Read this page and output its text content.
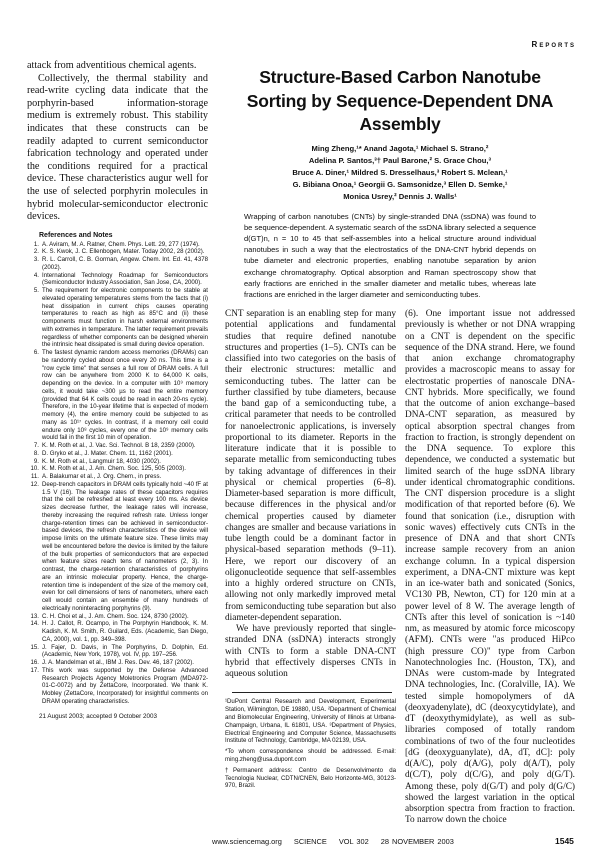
Reports

attack from adventitious chemical agents.

Collectively, the thermal stability and read-write cycling data indicate that the porphyrin-based information-storage medium is extremely robust. This stability indicates that these constructs can be readily adapted to current semiconductor fabrication technology and operated under the conditions required for a practical device. These characteristics augur well for the use of selected porphyrin molecules in hybrid molecular-semiconductor electronic devices.

References and Notes
1. A. Aviram, M. A. Ratner, Chem. Phys. Lett. 29, 277 (1974).
2. K. S. Kwok, J. C. Ellenbogen, Mater. Today 2002, 28 (2002).
3. R. L. Carroll, C. B. Gorman, Angew. Chem. Int. Ed. 41, 4378 (2002).
4. International Technology Roadmap for Semiconductors (Semiconductor Industry Association, San Jose, CA, 2000).
5. The requirement for electronic components to be stable at elevated operating temperatures stems from the facts that (i) heat dissipation in current chips causes operating temperatures to reach as high as 85°C and (ii) these components must function in harsh external environments with extremes in temperature. The latter requirement prevails regardless of whether components can be designed wherein the intrinsic heat dissipated is small during device operation.
6. The fastest dynamic random access memories (DRAMs) can be randomly cycled about once every 20 ns. This time is a "row cycle time" that senses a full row of DRAM cells. A full row can be anywhere from 2000 K to 64,000 K cells, depending on the device. In a computer with 10⁹ memory cells, it would take ~300 µs to read the entire memory (provided that 64 K cells could be read in each 20-ns cycle). Therefore, in the 10-year lifetime that is expected of modern memory (4), the entire memory could be subjected to as many as 10¹⁷ cycles. In contrast, if a memory cell could endure only 10⁸ cycles, every one of the 10⁹ memory cells would fail in the first 10 min of operation.
7. K. M. Roth et al., J. Vac. Sci. Technol. B 18, 2359 (2000).
8. D. Gryko et al., J. Mater. Chem. 11, 1162 (2001).
9. K. M. Roth et al., Langmuir 18, 4030 (2002).
10. K. M. Roth et al., J. Am. Chem. Soc. 125, 505 (2003).
11. A. Balakumar et al., J. Org. Chem., in press.
12. Deep-trench capacitors in DRAM cells typically hold ~40 fF at 1.5 V (16). The leakage rates of these capacitors requires that the cell be refreshed at least every 100 ms. As device sizes decrease further, the leakage rates will increase, thereby increasing the required refresh rate. Unless longer charge-retention times can be achieved in semiconductor-based devices, the refresh characteristics of the device will impose limits on the ultimate feature size. These limits may well be encountered before the device is limited by the failure of the bulk properties of semiconductors that are expected when feature sizes reach tens of nanometers (2, 3). In contrast, the charge-retention characteristics of porphyrins are an intrinsic molecular property. Hence, the charge-retention time is independent of the size of the memory cell, even for cell dimensions of tens of nanometers, where each cell would contain an ensemble of many hundreds of electrically noninteracting porphyrins (9).
13. C. H. Choi et al., J. Am. Chem. Soc. 124, 8730 (2002).
14. H. J. Callot, R. Ocampo, in The Porphyrin Handbook, K. M. Kadish, K. M. Smith, R. Guilard, Eds. (Academic, San Diego, CA, 2000), vol. 1, pp. 349–398.
15. J. Fajer, D. Davis, in The Porphyrins, D. Dolphin, Ed. (Academic, New York, 1978), vol. IV, pp. 197–256.
16. J. A. Mandelman et al., IBM J. Res. Dev. 46, 187 (2002).
17. This work was supported by the Defense Advanced Research Projects Agency Moletronics Program (MDA972-01-C-0072) and by ZettaCore, Incorporated. We thank K. Mobley (ZettaCore, Incorporated) for insightful comments on DRAM operating characteristics.
21 August 2003; accepted 9 October 2003
Structure-Based Carbon Nanotube Sorting by Sequence-Dependent DNA Assembly
Ming Zheng,¹* Anand Jagota,¹ Michael S. Strano,²
Adelina P. Santos,³† Paul Barone,² S. Grace Chou,³
Bruce A. Diner,¹ Mildred S. Dresselhaus,³ Robert S. Mclean,¹
G. Bibiana Onoa,¹ Georgii G. Samsonidze,³ Ellen D. Semke,¹
Monica Usrey,² Dennis J. Walls¹
Wrapping of carbon nanotubes (CNTs) by single-stranded DNA (ssDNA) was found to be sequence-dependent. A systematic search of the ssDNA library selected a sequence d(GT)n, n = 10 to 45 that self-assembles into a helical structure around individual nanotubes in such a way that the electrostatics of the DNA-CNT hybrid depends on tube diameter and electronic properties, enabling nanotube separation by anion exchange chromatography. Optical absorption and Raman spectroscopy show that early fractions are enriched in the smaller diameter and metallic tubes, whereas late fractions are enriched in the larger diameter and semiconducting tubes.

CNT separation is an enabling step for many potential applications and fundamental studies that require defined nanotube structures and properties (1–5). CNTs can be classified into two categories on the basis of their electronic structures: metallic and semiconducting tubes. The latter can be further classified by tube diameters, because the band gap of a semiconducting tube, a critical parameter that needs to be controlled for nanoelectronic applications, is inversely proportional to its diameter. Reports in the literature indicate that it is possible to separate metallic from semiconducting tubes by taking advantage of differences in their physical or chemical properties (6–8). Diameter-based separation is more difficult, because differences in the physical and/or chemical properties caused by diameter changes are smaller and because variations in tube length could be a dominant factor in physical-based separation methods (9–11). Here, we report our discovery of an oligonucleotide sequence that self-assembles into a highly ordered structure on CNTs, allowing not only markedly improved metal from semiconducting tube separation but also diameter-dependent separation.

We have previously reported that single-stranded DNA (ssDNA) interacts strongly with CNTs to form a stable DNA-CNT hybrid that effectively disperses CNTs in aqueous solution

¹DuPont Central Research and Development, Experimental Station, Wilmington, DE 19880, USA. ²Department of Chemical and Biomolecular Engineering, University of Illinois at Urbana-Champaign, Urbana, IL 61801, USA. ³Department of Physics, Electrical Engineering and Computer Science, Massachusetts Institute of Technology, Cambridge, MA 02139, USA.

*To whom correspondence should be addressed. E-mail: ming.zheng@usa.dupont.com

†Permanent address: Centro de Desenvolvimento da Tecnologia Nuclear, CDTN/CNEN, Belo Horizonte-MG, 30123-970, Brazil.

(6). One important issue not addressed previously is whether or not DNA wrapping on a CNT is dependent on the specific sequence of the DNA strand. Here, we found that anion exchange chromatography provides a macroscopic means to assay for electrostatic properties of nanoscale DNA-CNT hybrids. More specifically, we found that the outcome of anion exchange–based DNA-CNT separation, as measured by optical absorption spectral changes from fraction to fraction, is strongly dependent on the DNA sequence. To explore this dependence, we conducted a systematic but limited search of the huge ssDNA library under identical chromatographic conditions. The CNT dispersion procedure is a slight modification of that reported before (6). We found that sonication (i.e., disruption with sonic waves) effectively cuts CNTs in the presence of DNA and that short CNTs increase sample recovery from an anion exchange column. In a typical dispersion experiment, a DNA-CNT mixture was kept in an ice-water bath and sonicated (Sonics, VC130 PB, Newton, CT) for 120 min at a power level of 8 W. The average length of CNTs after this level of sonication is ~140 nm, as measured by atomic force micoscopy (AFM). CNTs were "as produced HiPco (high pressure CO)" type from Carbon Nanotechnologies Inc. (Houston, TX), and DNAs were custom-made by Integrated DNA technologies, Inc. (Coralville, IA). We tested simple homopolymers of dA (deoxyadenylate), dC (deoxycytidylate), and dT (deoxythymidylate), as well as sub-libraries composed of totally random combinations of two of the four nucleotides [dG (deoxyguanylate), dA, dT, dC]: poly d(A/C), poly d(A/G), poly d(A/T), poly d(C/T), poly d(C/G), and poly d(G/T). Among these, poly d(G/T) and poly d(G/C) showed the largest variation in the optical absorption spectra from fraction to fraction. To narrow down the choice

www.sciencemag.org SCIENCE VOL 302 28 NOVEMBER 2003	1545
